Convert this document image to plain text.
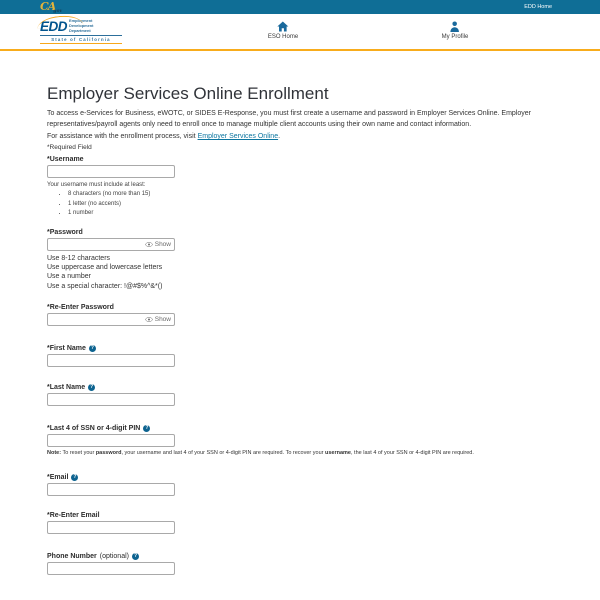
CAgov
EDD Home
EDD Employment
Development
Department
State of California	ESO Home	My Profile
Employer Services Online Enrollment

To access e-Services for Business, eWOTC, or SIDES E-Response, you must first create a username and password in Employer Services Online. Employer representatives/payroll agents only need to enroll once to manage multiple client accounts using their own name and contact information.

For assistance with the enrollment process, visit Employer Services Online.
*Required Field
*Username
Your username must include at least:
• 8 characters (no more than 15)
• 1 letter (no accents)
• 1 number
*Password
Show
Use 8-12 characters
Use uppercase and lowercase letters
Use a number
Use a special character: !@#$%^&*()
*Re-Enter Password
Show
*First Name ?
*Last Name ?
*Last 4 of SSN or 4-digit PIN ?
Note: To reset your password, your username and last 4 of your SSN or 4-digit PIN are required. To recover your username, the last 4 of your SSN or 4-digit PIN are required.
*Email ?
*Re-Enter Email
Phone Number (optional) ?
